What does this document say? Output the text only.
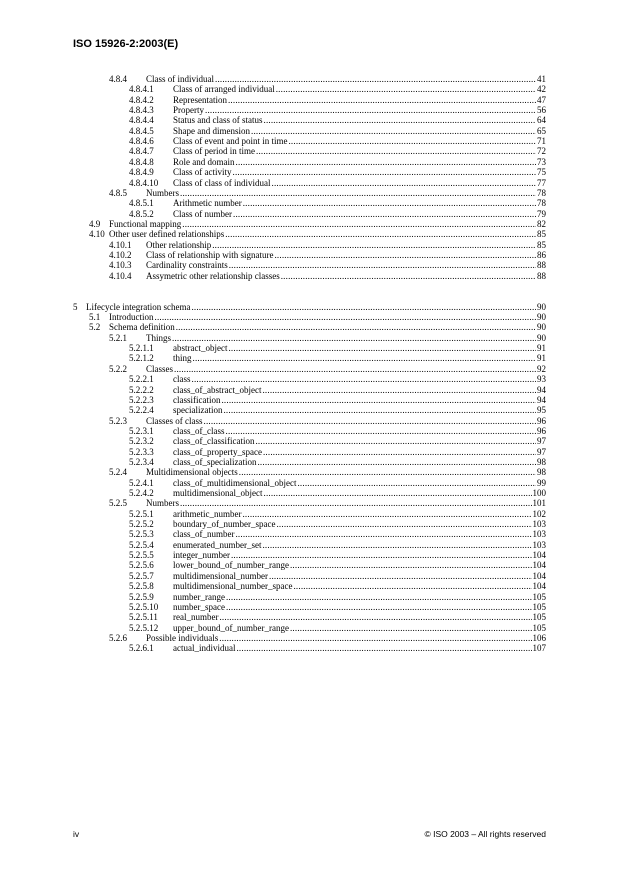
ISO 15926-2:2003(E)
4.8.4	Class of individual .....	41
4.8.4.1	Class of arranged individual .....	42
4.8.4.2	Representation .....	47
4.8.4.3	Property .....	56
4.8.4.4	Status and class of status .....	64
4.8.4.5	Shape and dimension .....	65
4.8.4.6	Class of event and point in time .....	71
4.8.4.7	Class of period in time .....	72
4.8.4.8	Role and domain .....	73
4.8.4.9	Class of activity .....	75
4.8.4.10	Class of class of individual .....	77
4.8.5	Numbers .....	78
4.8.5.1	Arithmetic number .....	78
4.8.5.2	Class of number .....	79
4.9 Functional mapping .....	82
4.10 Other user defined relationships .....	85
4.10.1	Other relationship .....	85
4.10.2	Class of relationship with signature .....	86
4.10.3	Cardinality constraints .....	88
4.10.4	Assymetric other relationship classes .....	88
5 Lifecycle integration schema .....	90
5.1 Introduction .....	90
5.2 Schema definition .....	90
5.2.1	Things .....	90
5.2.1.1	abstract_object .....	91
5.2.1.2	thing .....	91
5.2.2	Classes .....	92
5.2.2.1	class .....	93
5.2.2.2	class_of_abstract_object .....	94
5.2.2.3	classification .....	94
5.2.2.4	specialization .....	95
5.2.3	Classes of class .....	96
5.2.3.1	class_of_class .....	96
5.2.3.2	class_of_classification .....	97
5.2.3.3	class_of_property_space .....	97
5.2.3.4	class_of_specialization .....	98
5.2.4	Multidimensional objects .....	98
5.2.4.1	class_of_multidimensional_object .....	99
5.2.4.2	multidimensional_object .....	100
5.2.5	Numbers .....	101
5.2.5.1	arithmetic_number .....	102
5.2.5.2	boundary_of_number_space .....	103
5.2.5.3	class_of_number .....	103
5.2.5.4	enumerated_number_set .....	103
5.2.5.5	integer_number .....	104
5.2.5.6	lower_bound_of_number_range .....	104
5.2.5.7	multidimensional_number .....	104
5.2.5.8	multidimensional_number_space .....	104
5.2.5.9	number_range .....	105
5.2.5.10	number_space .....	105
5.2.5.11	real_number .....	105
5.2.5.12	upper_bound_of_number_range .....	105
5.2.6	Possible individuals .....	106
5.2.6.1	actual_individual .....	107
iv	© ISO 2003 – All rights reserved
